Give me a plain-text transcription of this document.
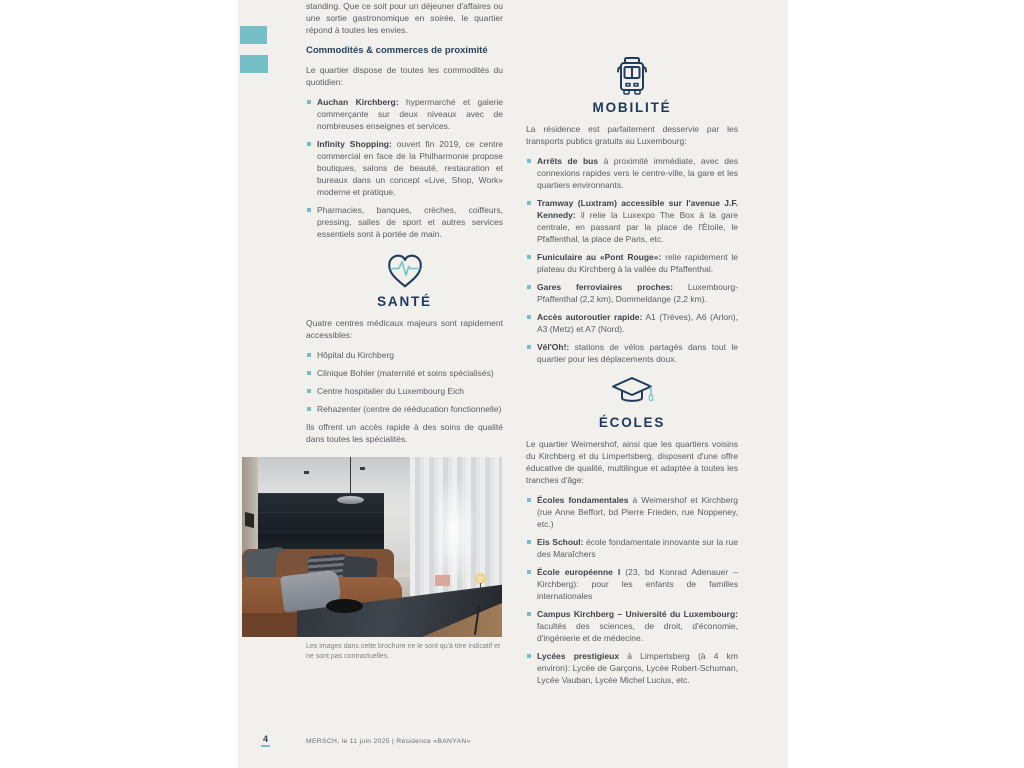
standing. Que ce soit pour un déjeuner d'affaires ou une sortie gastronomique en soirée, le quartier répond à toutes les envies.

Commodités & commerces de proximité

Le quartier dispose de toutes les commodités du quotidien:

Auchan Kirchberg: hypermarché et galerie commerçante sur deux niveaux avec de nombreuses enseignes et services.
Infinity Shopping: ouvert fin 2019, ce centre commercial en face de la Philharmonie propose boutiques, salons de beauté, restauration et bureaux dans un concept «Live, Shop, Work» moderne et pratique.
Pharmacies, banques, crèches, coiffeurs, pressing, salles de sport et autres services essentiels sont à portée de main.
SANTÉ

Quatre centres médicaux majeurs sont rapidement accessibles:

Hôpital du Kirchberg
Clinique Bohler (maternité et soins spécialisés)
Centre hospitalier du Luxembourg Eich
Rehazenter (centre de rééducation fonctionnelle)

Ils offrent un accès rapide à des soins de qualité dans toutes les spécialités.

Les images dans cette brochure ne le sont qu'à titre indicatif et ne sont pas contractuelles.

MOBILITÉ

La résidence est parfaitement desservie par les transports publics gratuits au Luxembourg:

Arrêts de bus à proximité immédiate, avec des connexions rapides vers le centre-ville, la gare et les quartiers environnants.
Tramway (Luxtram) accessible sur l'avenue J.F. Kennedy: il relie la Luxexpo The Box à la gare centrale, en passant par la place de l'Étoile, le Pfaffenthal, la place de Paris, etc.
Funiculaire au «Pont Rouge»: relie rapidement le plateau du Kirchberg à la vallée du Pfaffenthal.
Gares ferroviaires proches: Luxembourg-Pfaffenthal (2,2 km), Dommeldange (2,2 km).
Accès autoroutier rapide: A1 (Trèves), A6 (Arlon), A3 (Metz) et A7 (Nord).
Vél'Oh!: stations de vélos partagés dans tout le quartier pour les déplacements doux.
ÉCOLES

Le quartier Weimershof, ainsi que les quartiers voisins du Kirchberg et du Limpertsberg, disposent d'une offre éducative de qualité, multilingue et adaptée à toutes les tranches d'âge:

Écoles fondamentales à Weimershof et Kirchberg (rue Anne Beffort, bd Pierre Frieden, rue Noppeney, etc.)
Eis Schoul: école fondamentale innovante sur la rue des Maraîchers
École européenne I (23, bd Konrad Adenauer – Kirchberg): pour les enfants de familles internationales
Campus Kirchberg – Université du Luxembourg: facultés des sciences, de droit, d'économie, d'ingénierie et de médecine.
Lycées prestigieux à Limpertsberg (à 4 km environ): Lycée de Garçons, Lycée Robert-Schuman, Lycée Vauban, Lycée Michel Lucius, etc.
4	MERSCH, le 11 juin 2025 | Résidence «BANYAN»
